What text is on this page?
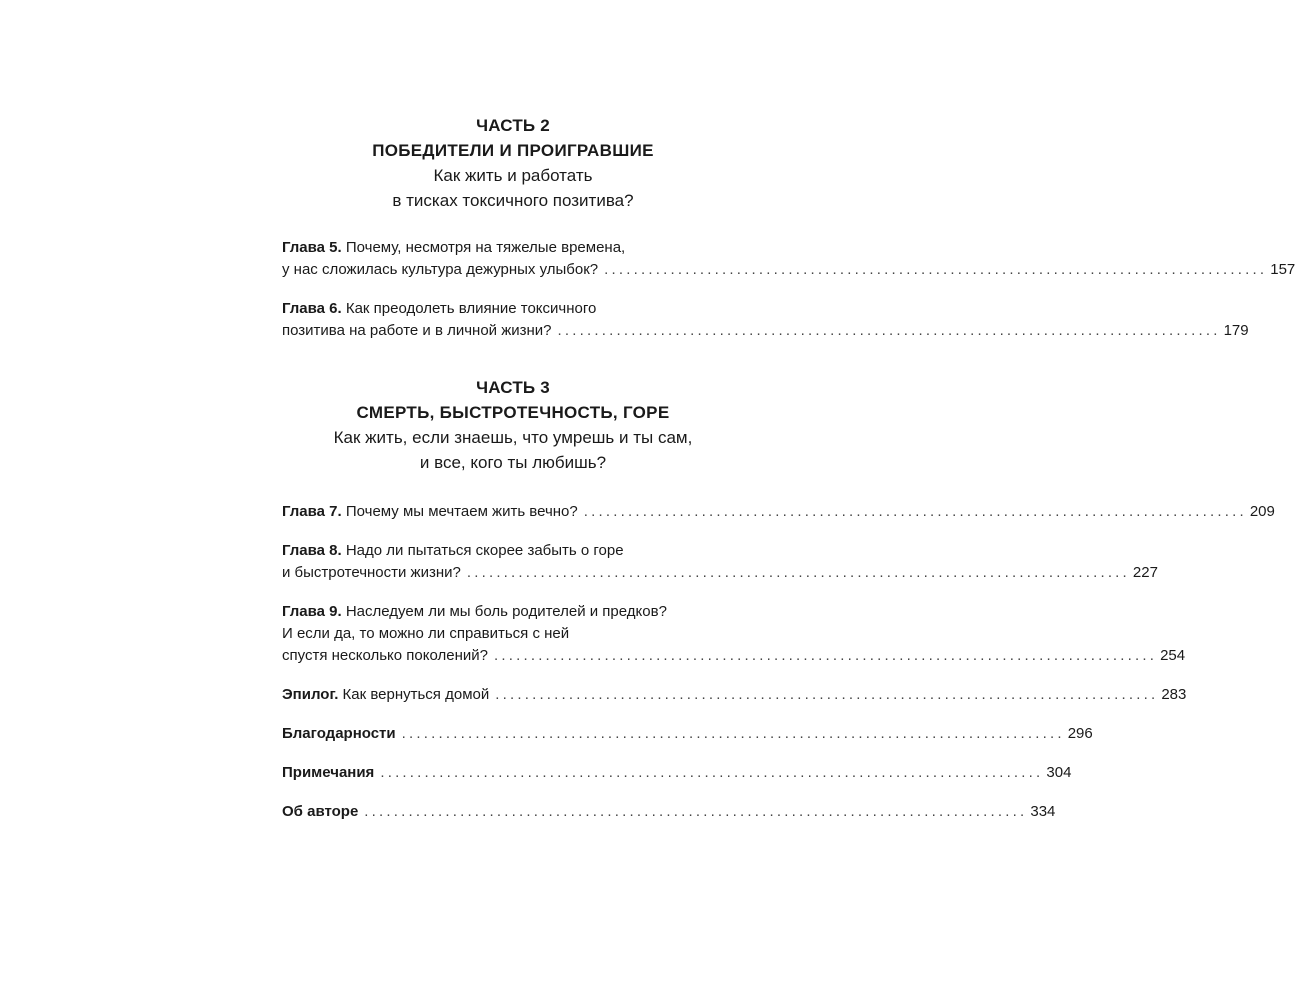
ЧАСТЬ 2
ПОБЕДИТЕЛИ И ПРОИГРАВШИЕ
Как жить и работать
в тисках токсичного позитива?
Глава 5. Почему, несмотря на тяжелые времена,
у нас сложилась культура дежурных улыбок? .......................................................................................... 157
Глава 6. Как преодолеть влияние токсичного
позитива на работе и в личной жизни? .......................................................................................... 179
ЧАСТЬ 3
СМЕРТЬ, БЫСТРОТЕЧНОСТЬ, ГОРЕ
Как жить, если знаешь, что умрешь и ты сам,
и все, кого ты любишь?
Глава 7. Почему мы мечтаем жить вечно? .......................................................................................... 209
Глава 8. Надо ли пытаться скорее забыть о горе
и быстротечности жизни? .......................................................................................... 227
Глава 9. Наследуем ли мы боль родителей и предков?
И если да, то можно ли справиться с ней
спустя несколько поколений? .......................................................................................... 254
Эпилог. Как вернуться домой .......................................................................................... 283
Благодарности .......................................................................................... 296
Примечания .......................................................................................... 304
Об авторе .......................................................................................... 334
